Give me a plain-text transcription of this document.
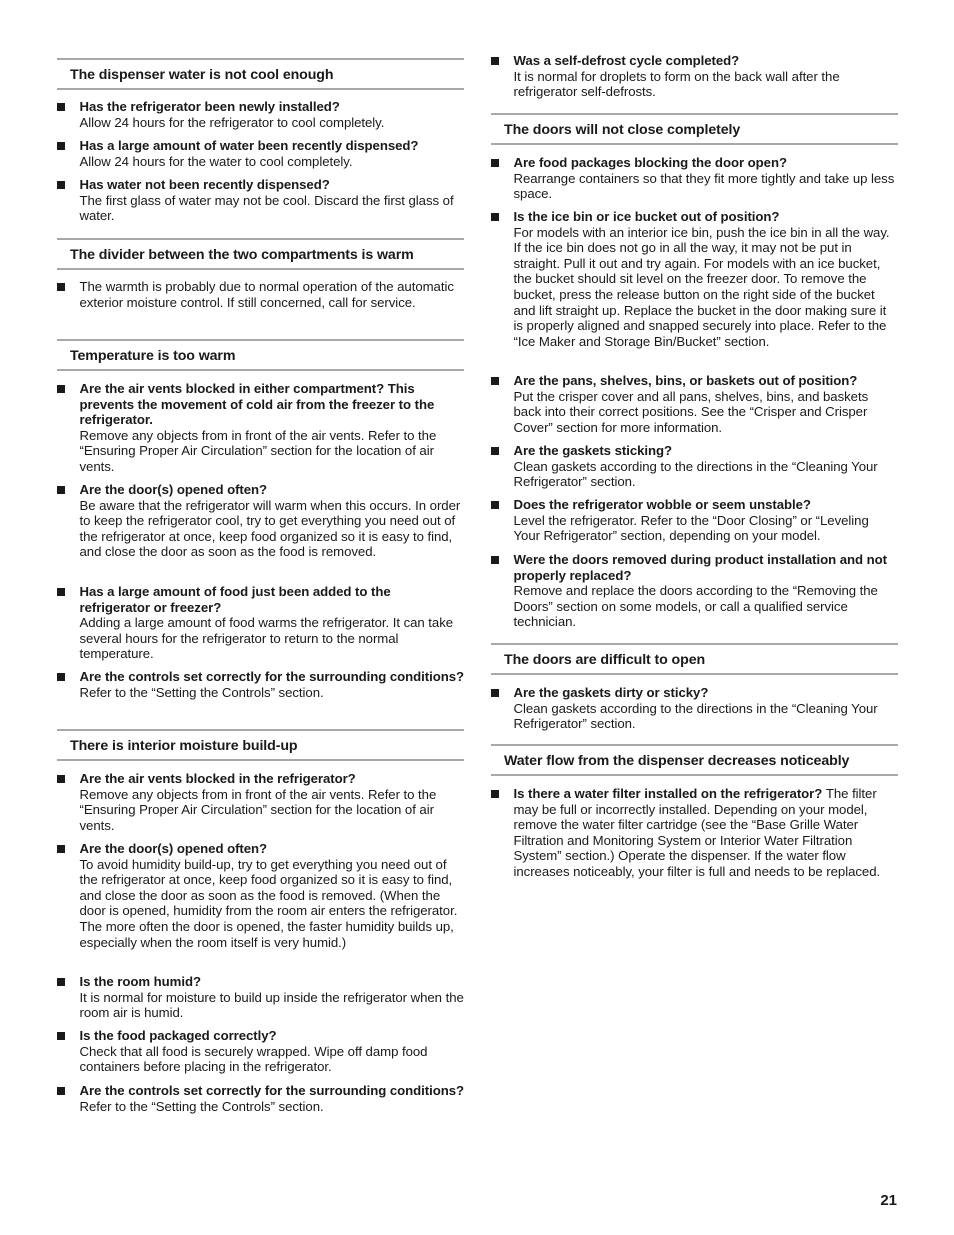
The dispenser water is not cool enough
Has the refrigerator been newly installed?
Allow 24 hours for the refrigerator to cool completely.
Has a large amount of water been recently dispensed?
Allow 24 hours for the water to cool completely.
Has water not been recently dispensed?
The first glass of water may not be cool. Discard the first glass of water.
The divider between the two compartments is warm
The warmth is probably due to normal operation of the automatic exterior moisture control. If still concerned, call for service.
Temperature is too warm
Are the air vents blocked in either compartment? This prevents the movement of cold air from the freezer to the refrigerator.
Remove any objects from in front of the air vents. Refer to the “Ensuring Proper Air Circulation” section for the location of air vents.
Are the door(s) opened often?
Be aware that the refrigerator will warm when this occurs. In order to keep the refrigerator cool, try to get everything you need out of the refrigerator at once, keep food organized so it is easy to find, and close the door as soon as the food is removed.
Has a large amount of food just been added to the refrigerator or freezer?
Adding a large amount of food warms the refrigerator. It can take several hours for the refrigerator to return to the normal temperature.
Are the controls set correctly for the surrounding conditions?
Refer to the “Setting the Controls” section.
There is interior moisture build-up
Are the air vents blocked in the refrigerator?
Remove any objects from in front of the air vents. Refer to the “Ensuring Proper Air Circulation” section for the location of air vents.
Are the door(s) opened often?
To avoid humidity build-up, try to get everything you need out of the refrigerator at once, keep food organized so it is easy to find, and close the door as soon as the food is removed. (When the door is opened, humidity from the room air enters the refrigerator. The more often the door is opened, the faster humidity builds up, especially when the room itself is very humid.)
Is the room humid?
It is normal for moisture to build up inside the refrigerator when the room air is humid.
Is the food packaged correctly?
Check that all food is securely wrapped. Wipe off damp food containers before placing in the refrigerator.
Are the controls set correctly for the surrounding conditions?
Refer to the “Setting the Controls” section.
Was a self-defrost cycle completed?
It is normal for droplets to form on the back wall after the refrigerator self-defrosts.
The doors will not close completely
Are food packages blocking the door open?
Rearrange containers so that they fit more tightly and take up less space.
Is the ice bin or ice bucket out of position?
For models with an interior ice bin, push the ice bin in all the way. If the ice bin does not go in all the way, it may not be put in straight. Pull it out and try again. For models with an ice bucket, the bucket should sit level on the freezer door. To remove the bucket, press the release button on the right side of the bucket and lift straight up. Replace the bucket in the door making sure it is properly aligned and snapped securely into place. Refer to the “Ice Maker and Storage Bin/Bucket” section.
Are the pans, shelves, bins, or baskets out of position?
Put the crisper cover and all pans, shelves, bins, and baskets back into their correct positions. See the “Crisper and Crisper Cover” section for more information.
Are the gaskets sticking?
Clean gaskets according to the directions in the “Cleaning Your Refrigerator” section.
Does the refrigerator wobble or seem unstable?
Level the refrigerator. Refer to the “Door Closing” or “Leveling Your Refrigerator” section, depending on your model.
Were the doors removed during product installation and not properly replaced?
Remove and replace the doors according to the “Removing the Doors” section on some models, or call a qualified service technician.
The doors are difficult to open
Are the gaskets dirty or sticky?
Clean gaskets according to the directions in the “Cleaning Your Refrigerator” section.
Water flow from the dispenser decreases noticeably
Is there a water filter installed on the refrigerator? The filter may be full or incorrectly installed. Depending on your model, remove the water filter cartridge (see the “Base Grille Water Filtration and Monitoring System or Interior Water Filtration System” section.) Operate the dispenser. If the water flow increases noticeably, your filter is full and needs to be replaced.
21
